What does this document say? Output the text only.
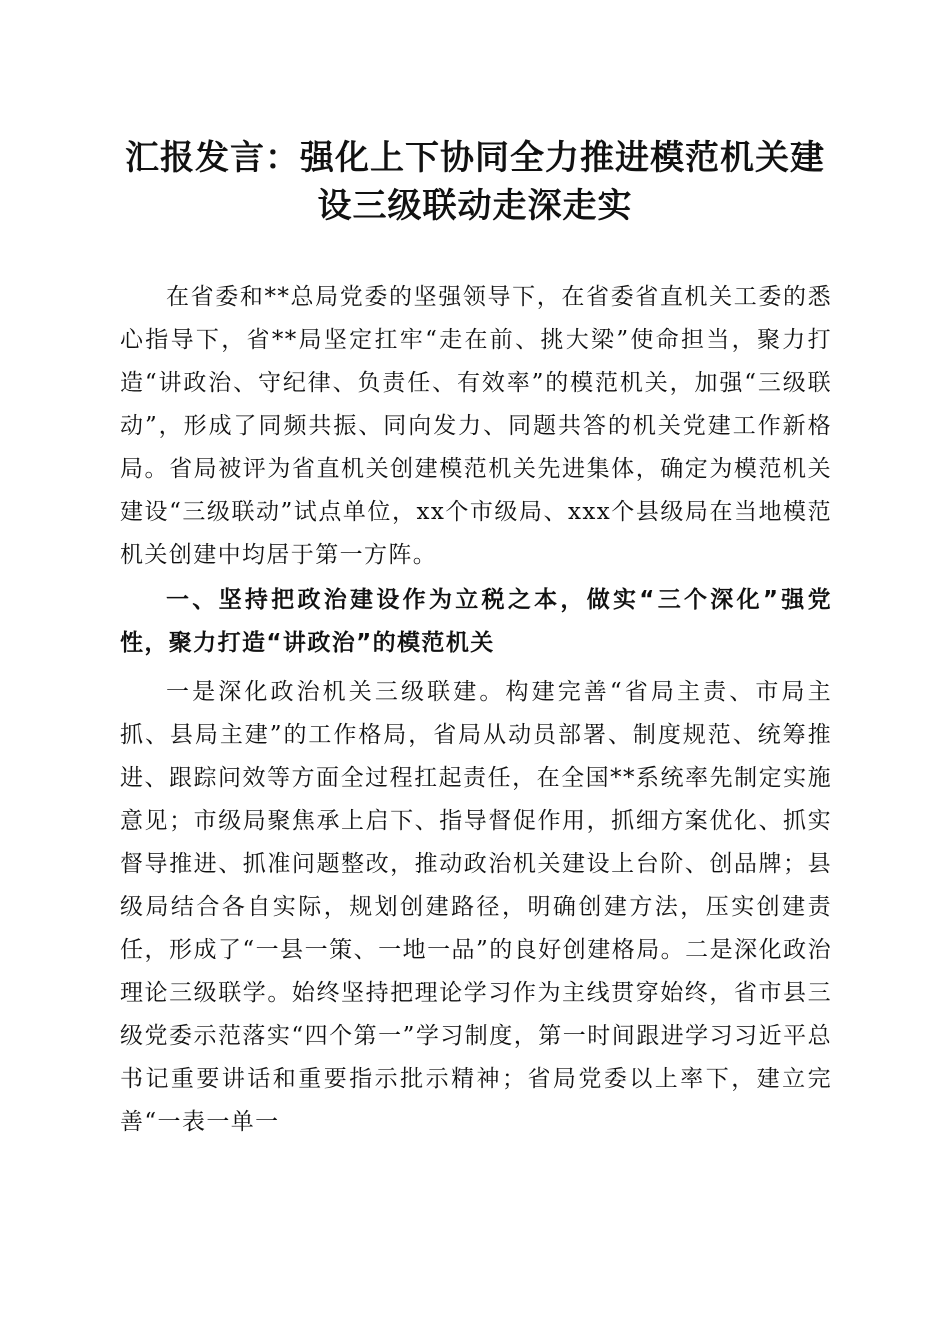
汇报发言：强化上下协同全力推进模范机关建设三级联动走深走实

在省委和**总局党委的坚强领导下，在省委省直机关工委的悉心指导下，省**局坚定扛牢“走在前、挑大梁”使命担当，聚力打造“讲政治、守纪律、负责任、有效率”的模范机关，加强“三级联动”，形成了同频共振、同向发力、同题共答的机关党建工作新格局。省局被评为省直机关创建模范机关先进集体，确定为模范机关建设“三级联动”试点单位，xx个市级局、xxx个县级局在当地模范机关创建中均居于第一方阵。

一、坚持把政治建设作为立税之本，做实“三个深化”强党性，聚力打造“讲政治”的模范机关

一是深化政治机关三级联建。构建完善“省局主责、市局主抓、县局主建”的工作格局，省局从动员部署、制度规范、统筹推进、跟踪问效等方面全过程扛起责任，在全国**系统率先制定实施意见；市级局聚焦承上启下、指导督促作用，抓细方案优化、抓实督导推进、抓准问题整改，推动政治机关建设上台阶、创品牌；县级局结合各自实际，规划创建路径，明确创建方法，压实创建责任，形成了“一县一策、一地一品”的良好创建格局。二是深化政治理论三级联学。始终坚持把理论学习作为主线贯穿始终，省市县三级党委示范落实“四个第一”学习制度，第一时间跟进学习习近平总书记重要讲话和重要指示批示精神；省局党委以上率下，建立完善“一表一单一
